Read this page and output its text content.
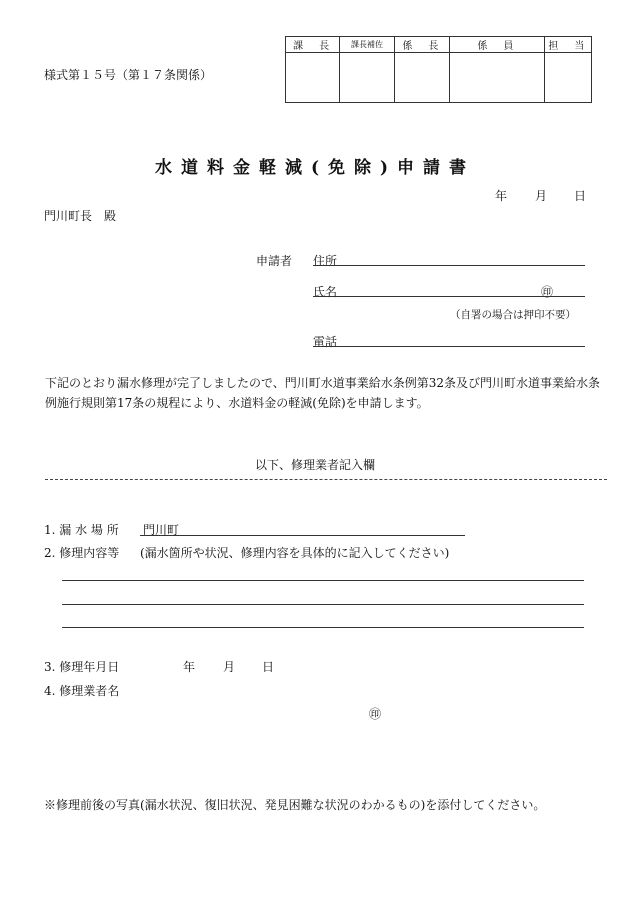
様式第１５号（第１７条関係）
課　長	課長補佐	係　長	係　員	担　当

水道料金軽減(免除)申請書
年 月 日
門川町長　殿
申請者 住所
氏名	㊞
（自署の場合は押印不要）
電話
下記のとおり漏水修理が完了しましたので、門川町水道事業給水条例第32条及び門川町水道事業給水条例施行規則第17条の規程により、水道料金の軽減(免除)を申請します。
以下、修理業者記入欄
1. 漏 水 場 所 門川町
2. 修理内容等 (漏水箇所や状況、修理内容を具体的に記入してください)
3. 修理年月日	年 月 日
4. 修理業者名
㊞
※修理前後の写真(漏水状況、復旧状況、発見困難な状況のわかるもの)を添付してください。
